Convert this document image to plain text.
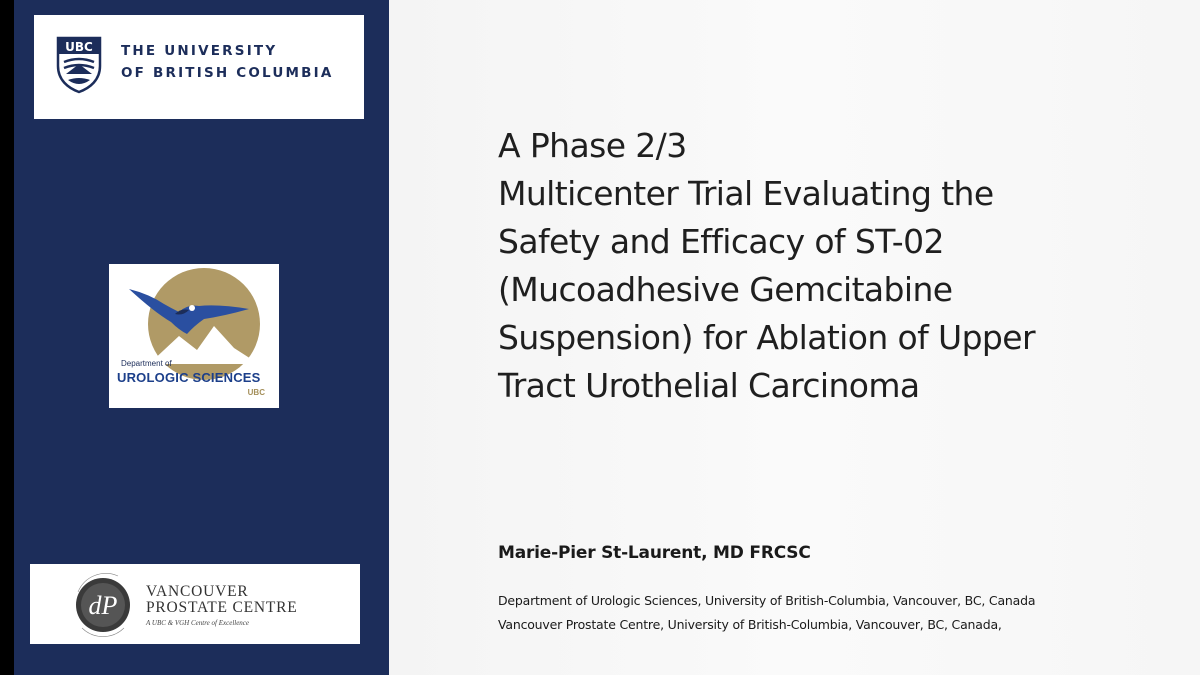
UBC THE UNIVERSITY
OF BRITISH COLUMBIA
Department of
UROLOGIC SCIENCES
UBC
dP VANCOUVER
PROSTATE CENTRE
A UBC & VGH Centre of Excellence
A Phase 2/3
Multicenter Trial Evaluating the
Safety and Efficacy of ST-02
(Mucoadhesive Gemcitabine
Suspension) for Ablation of Upper
Tract Urothelial Carcinoma
Marie-Pier St-Laurent, MD FRCSC
Department of Urologic Sciences, University of British-Columbia, Vancouver, BC, Canada
Vancouver Prostate Centre, University of British-Columbia, Vancouver, BC, Canada,
